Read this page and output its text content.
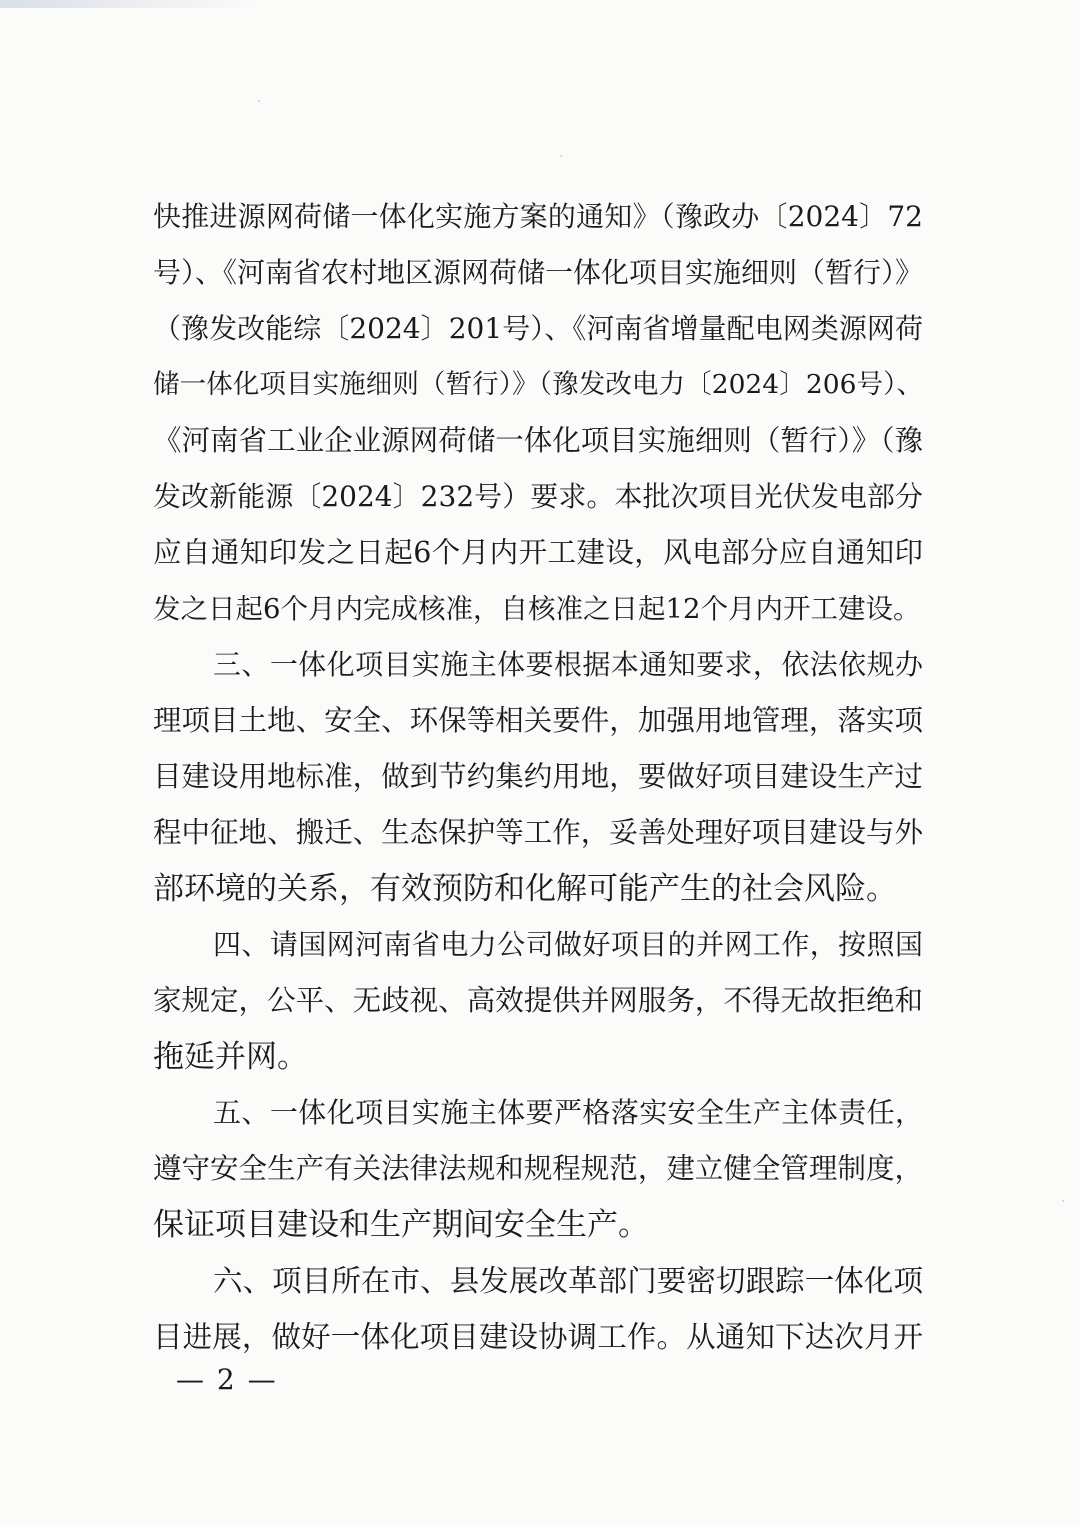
快推进源网荷储一体化实施方案的通知》（豫政办〔2024〕72
号）、《河南省农村地区源网荷储一体化项目实施细则（暂行）》
（豫发改能综〔2024〕201号）、《河南省增量配电网类源网荷
储一体化项目实施细则（暂行）》（豫发改电力〔2024〕206号）、
《河南省工业企业源网荷储一体化项目实施细则（暂行）》（豫
发改新能源〔2024〕232号）要求。本批次项目光伏发电部分
应自通知印发之日起6个月内开工建设，风电部分应自通知印
发之日起6个月内完成核准，自核准之日起12个月内开工建设。
三、一体化项目实施主体要根据本通知要求，依法依规办
理项目土地、安全、环保等相关要件，加强用地管理，落实项
目建设用地标准，做到节约集约用地，要做好项目建设生产过
程中征地、搬迁、生态保护等工作，妥善处理好项目建设与外
部环境的关系，有效预防和化解可能产生的社会风险。
四、请国网河南省电力公司做好项目的并网工作，按照国
家规定，公平、无歧视、高效提供并网服务，不得无故拒绝和
拖延并网。
五、一体化项目实施主体要严格落实安全生产主体责任，
遵守安全生产有关法律法规和规程规范，建立健全管理制度，
保证项目建设和生产期间安全生产。
六、项目所在市、县发展改革部门要密切跟踪一体化项
目进展，做好一体化项目建设协调工作。从通知下达次月开
— 2 —
